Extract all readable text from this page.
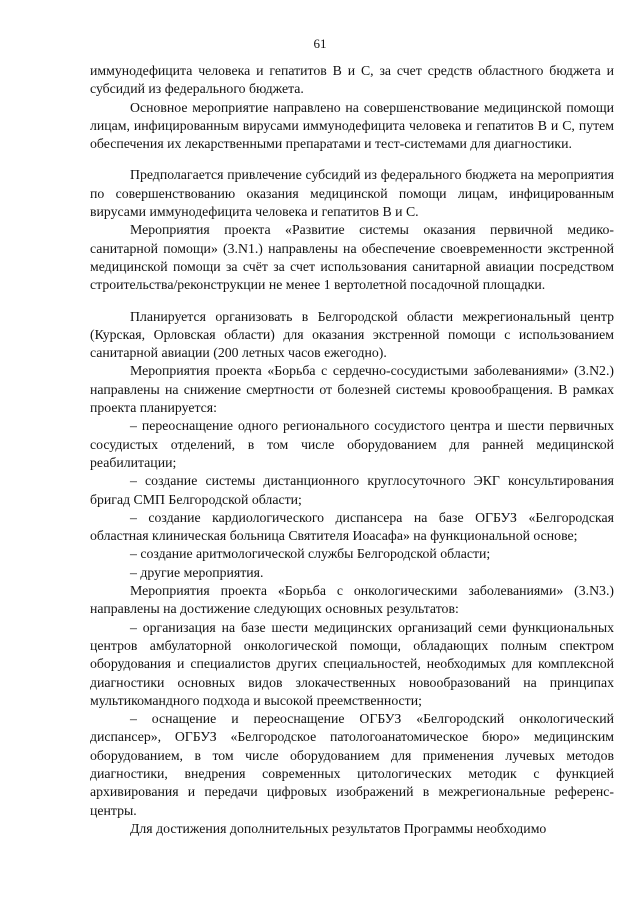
61

иммунодефицита человека и гепатитов В и С, за счет средств областного бюджета и субсидий из федерального бюджета.

Основное мероприятие направлено на совершенствование медицинской помощи лицам, инфицированным вирусами иммунодефицита человека и гепатитов В и С, путем обеспечения их лекарственными препаратами и тест-системами для диагностики.

Предполагается привлечение субсидий из федерального бюджета на мероприятия по совершенствованию оказания медицинской помощи лицам, инфицированным вирусами иммунодефицита человека и гепатитов В и С.

Мероприятия проекта «Развитие системы оказания первичной медико-санитарной помощи» (3.N1.) направлены на обеспечение своевременности экстренной медицинской помощи за счёт за счет использования санитарной авиации посредством строительства/реконструкции не менее 1 вертолетной посадочной площадки.

Планируется организовать в Белгородской области межрегиональный центр (Курская, Орловская области) для оказания экстренной помощи с использованием санитарной авиации (200 летных часов ежегодно).

Мероприятия проекта «Борьба с сердечно-сосудистыми заболеваниями» (3.N2.) направлены на снижение смертности от болезней системы кровообращения. В рамках проекта планируется:

– переоснащение одного регионального сосудистого центра и шести первичных сосудистых отделений, в том числе оборудованием для ранней медицинской реабилитации;

– создание системы дистанционного круглосуточного ЭКГ консультирования бригад СМП Белгородской области;

– создание кардиологического диспансера на базе ОГБУЗ «Белгородская областная клиническая больница Святителя Иоасафа» на функциональной основе;

– создание аритмологической службы Белгородской области;

– другие мероприятия.

Мероприятия проекта «Борьба с онкологическими заболеваниями» (3.N3.) направлены на достижение следующих основных результатов:

– организация на базе шести медицинских организаций семи функциональных центров амбулаторной онкологической помощи, обладающих полным спектром оборудования и специалистов других специальностей, необходимых для комплексной диагностики основных видов злокачественных новообразований на принципах мультикомандного подхода и высокой преемственности;

– оснащение и переоснащение ОГБУЗ «Белгородский онкологический диспансер», ОГБУЗ «Белгородское патологоанатомическое бюро» медицинским оборудованием, в том числе оборудованием для применения лучевых методов диагностики, внедрения современных цитологических методик с функцией архивирования и передачи цифровых изображений в межрегиональные референс-центры.

Для достижения дополнительных результатов Программы необходимо
